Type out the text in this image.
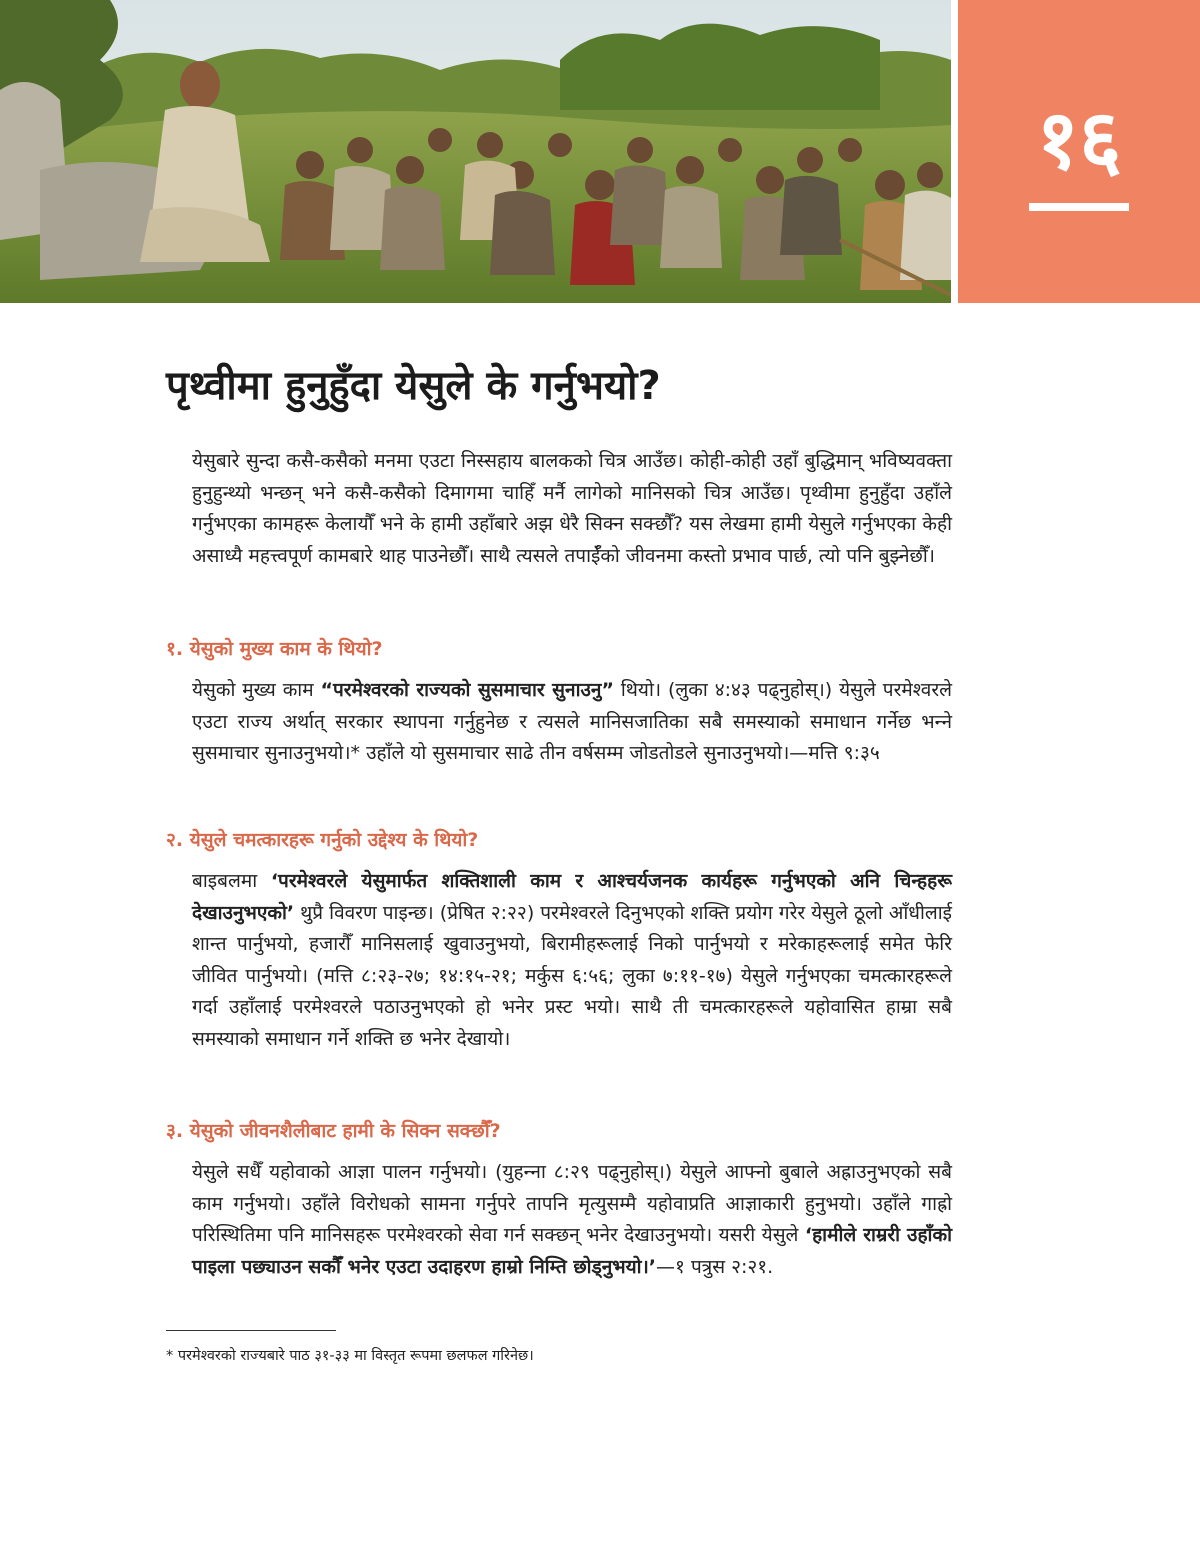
१६
पृथ्वीमा हुनुहुँदा येसुले के गर्नुभयो?

येसुबारे सुन्दा कसै-कसैको मनमा एउटा निस्सहाय बालकको चित्र आउँछ। कोही-कोही उहाँ बुद्धिमान् भविष्यवक्ता हुनुहुन्थ्यो भन्छन् भने कसै-कसैको दिमागमा चाहिँ मर्नै लागेको मानिसको चित्र आउँछ। पृथ्वीमा हुनुहुँदा उहाँले गर्नुभएका कामहरू केलायौँ भने के हामी उहाँबारे अझ धेरै सिक्न सक्छौँ? यस लेखमा हामी येसुले गर्नुभएका केही असाध्यै महत्त्वपूर्ण कामबारे थाह पाउनेछौँ। साथै त्यसले तपाईँको जीवनमा कस्तो प्रभाव पार्छ, त्यो पनि बुझ्नेछौँ।

१. येसुको मुख्य काम के थियो?

येसुको मुख्य काम “परमेश्‍वरको राज्यको सुसमाचार सुनाउनु” थियो। (लुका ४:४३ पढ्नुहोस्।) येसुले परमेश्‍वरले एउटा राज्य अर्थात् सरकार स्थापना गर्नुहुनेछ र त्यसले मानिसजातिका सबै समस्याको समाधान गर्नेछ भन्‍ने सुसमाचार सुनाउनुभयो।* उहाँले यो सुसमाचार साढे तीन वर्षसम्म जोडतोडले सुनाउनुभयो।—मत्ति ९:३५

२. येसुले चमत्कारहरू गर्नुको उद्देश्‍य के थियो?

बाइबलमा ‘परमेश्‍वरले येसुमार्फत शक्तिशाली काम र आश्‍चर्यजनक कार्यहरू गर्नुभएको अनि चिन्हहरू देखाउनुभएको’ थुप्रै विवरण पाइन्छ। (प्रेषित २:२२) परमेश्‍वरले दिनुभएको शक्ति प्रयोग गरेर येसुले ठूलो आँधीलाई शान्त पार्नुभयो, हजारौँ मानिसलाई खुवाउनुभयो, बिरामीहरूलाई निको पार्नुभयो र मरेकाहरूलाई समेत फेरि जीवित पार्नुभयो। (मत्ति ८:२३-२७; १४:१५-२१; मर्कुस ६:५६; लुका ७:११-१७) येसुले गर्नुभएका चमत्कारहरूले गर्दा उहाँलाई परमेश्‍वरले पठाउनुभएको हो भनेर प्रस्ट भयो। साथै ती चमत्कारहरूले यहोवासित हाम्रा सबै समस्याको समाधान गर्ने शक्ति छ भनेर देखायो।

३. येसुको जीवनशैलीबाट हामी के सिक्न सक्छौँ?

येसुले सधैँ यहोवाको आज्ञा पालन गर्नुभयो। (युहन्‍ना ८:२९ पढ्नुहोस्।) येसुले आफ्नो बुबाले अह्राउनुभएको सबै काम गर्नुभयो। उहाँले विरोधको सामना गर्नुपरे तापनि मृत्युसम्मै यहोवाप्रति आज्ञाकारी हुनुभयो। उहाँले गाह्रो परिस्थितिमा पनि मानिसहरू परमेश्‍वरको सेवा गर्न सक्छन् भनेर देखाउनुभयो। यसरी येसुले ‘हामीले राम्ररी उहाँको पाइला पछ्याउन सकौँ भनेर एउटा उदाहरण हाम्रो निम्ति छोड्नुभयो।’—१ पत्रुस २:२१.

* परमेश्‍वरको राज्यबारे पाठ ३१-३३ मा विस्तृत रूपमा छलफल गरिनेछ।
